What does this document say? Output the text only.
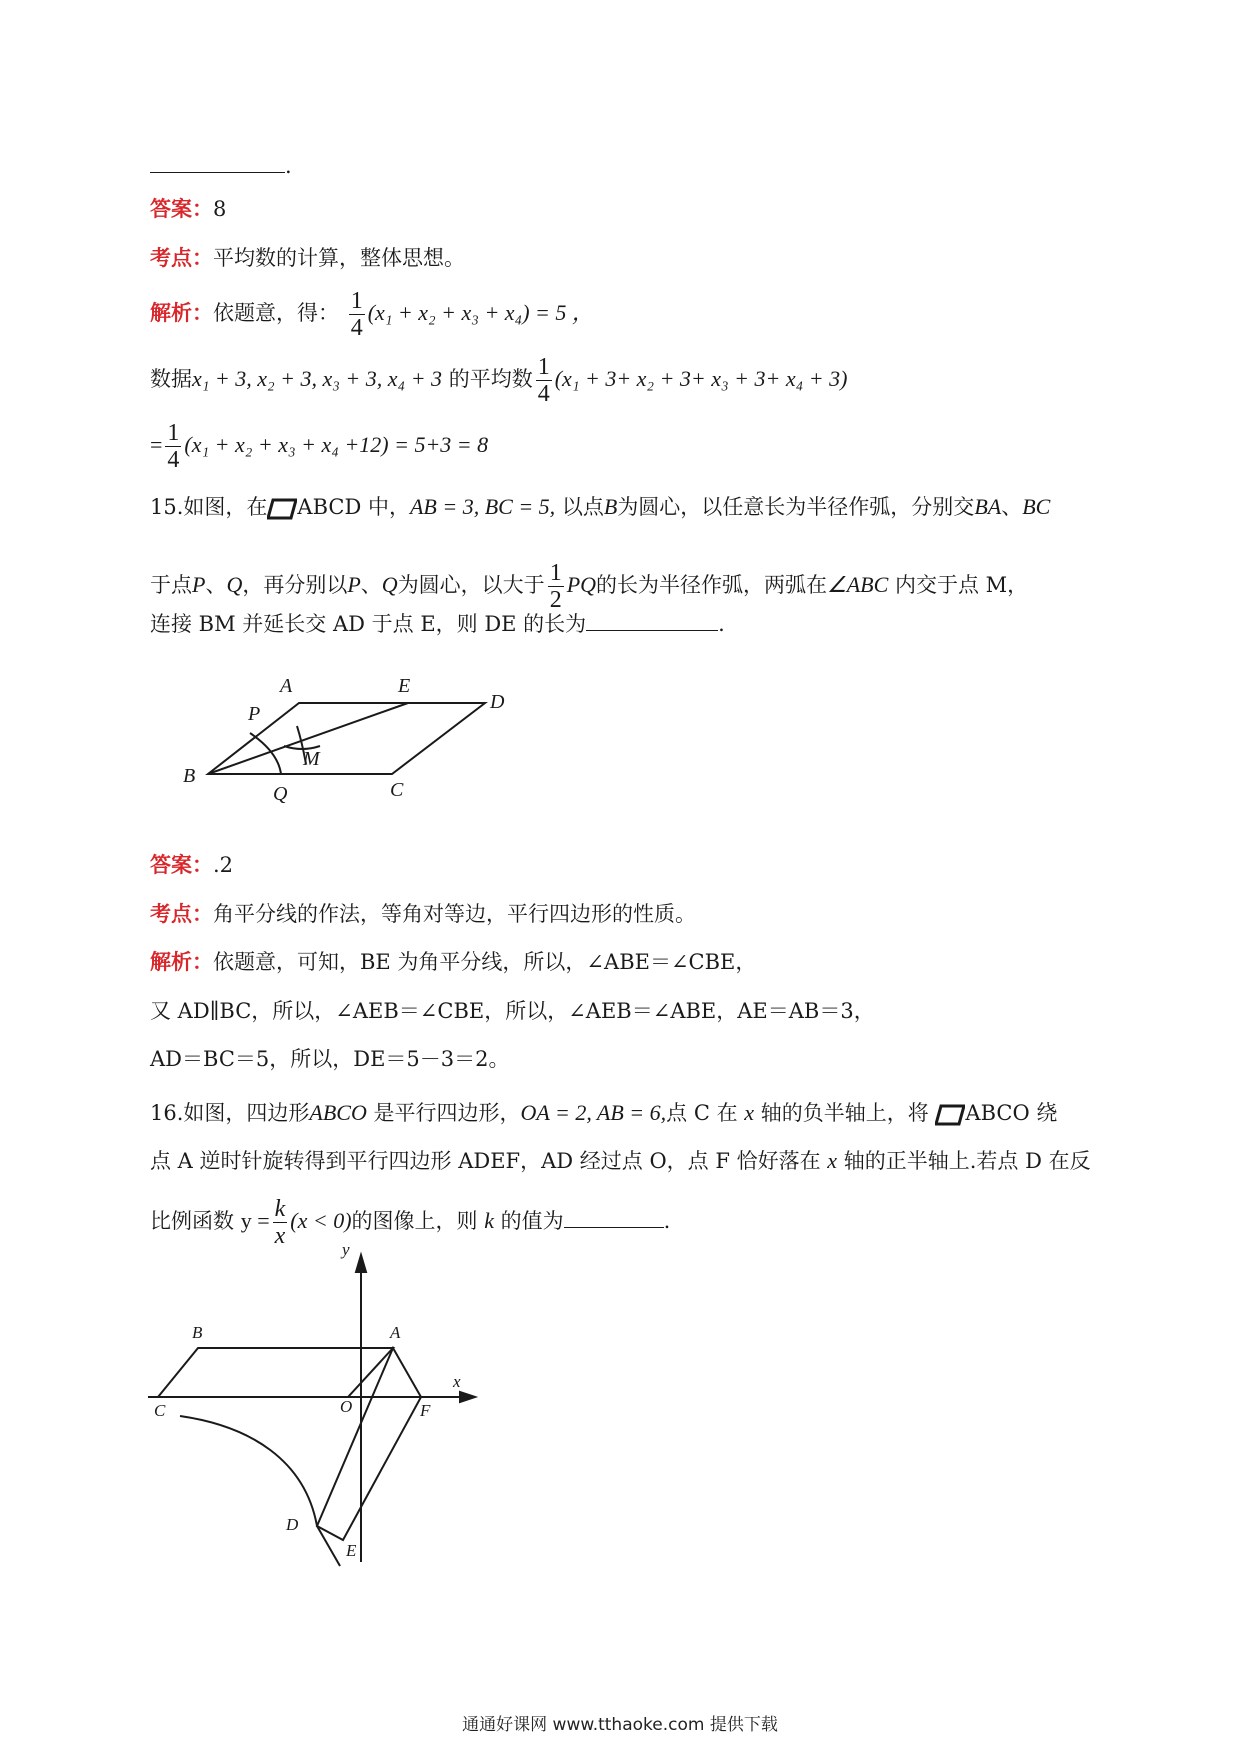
.
答案：8
考点：平均数的计算，整体思想。
解析：依题意，得： $\frac{1}{4} (x_1 + x_2 + x_3 + x_4) = 5$ ，
数据x₁ + 3, x₂ + 3, x₃ + 3, x₄ + 3 的平均数 $\frac{1}{4} (x_1 + 3+ x_2 + 3+ x_3 + 3+ x_4 + 3)$
= $\frac{1}{4} (x_1 + x_2 + x_3 + x_4 +12) = 5+3 = 8$
15.如图，在 ABCD 中，AB = 3, BC = 5, 以点B为圆心，以任意长为半径作弧，分别交BA、BC
于点P、Q，再分别以P、Q为圆心，以大于 $\frac{1}{2}$ PQ的长为半径作弧，两弧在∠ABC 内交于点 M，
连接 BM 并延长交 AD 于点 E，则 DE 的长为	.
A	E
D
P
M
B
Q	C
答案：.2
考点：角平分线的作法，等角对等边，平行四边形的性质。
解析：依题意，可知，BE 为角平分线，所以，∠ABE＝∠CBE，
又 AD∥BC，所以，∠AEB＝∠CBE，所以，∠AEB＝∠ABE，AE＝AB＝3，
AD＝BC＝5，所以，DE＝5－3＝2。
16.如图，四边形ABCO 是平行四边形，OA = 2, AB = 6,点 C 在 x 轴的负半轴上，将 ABCO 绕
点 A 逆时针旋转得到平行四边形 ADEF，AD 经过点 O，点 F 恰好落在 x 轴的正半轴上.若点 D 在反
比例函数 $y = \frac{k}{x} (x < 0)$的图像上，则 k 的值为	.
y
x
B	A
C	O	F
D
E
通通好课网 www.tthaoke.com 提供下载
